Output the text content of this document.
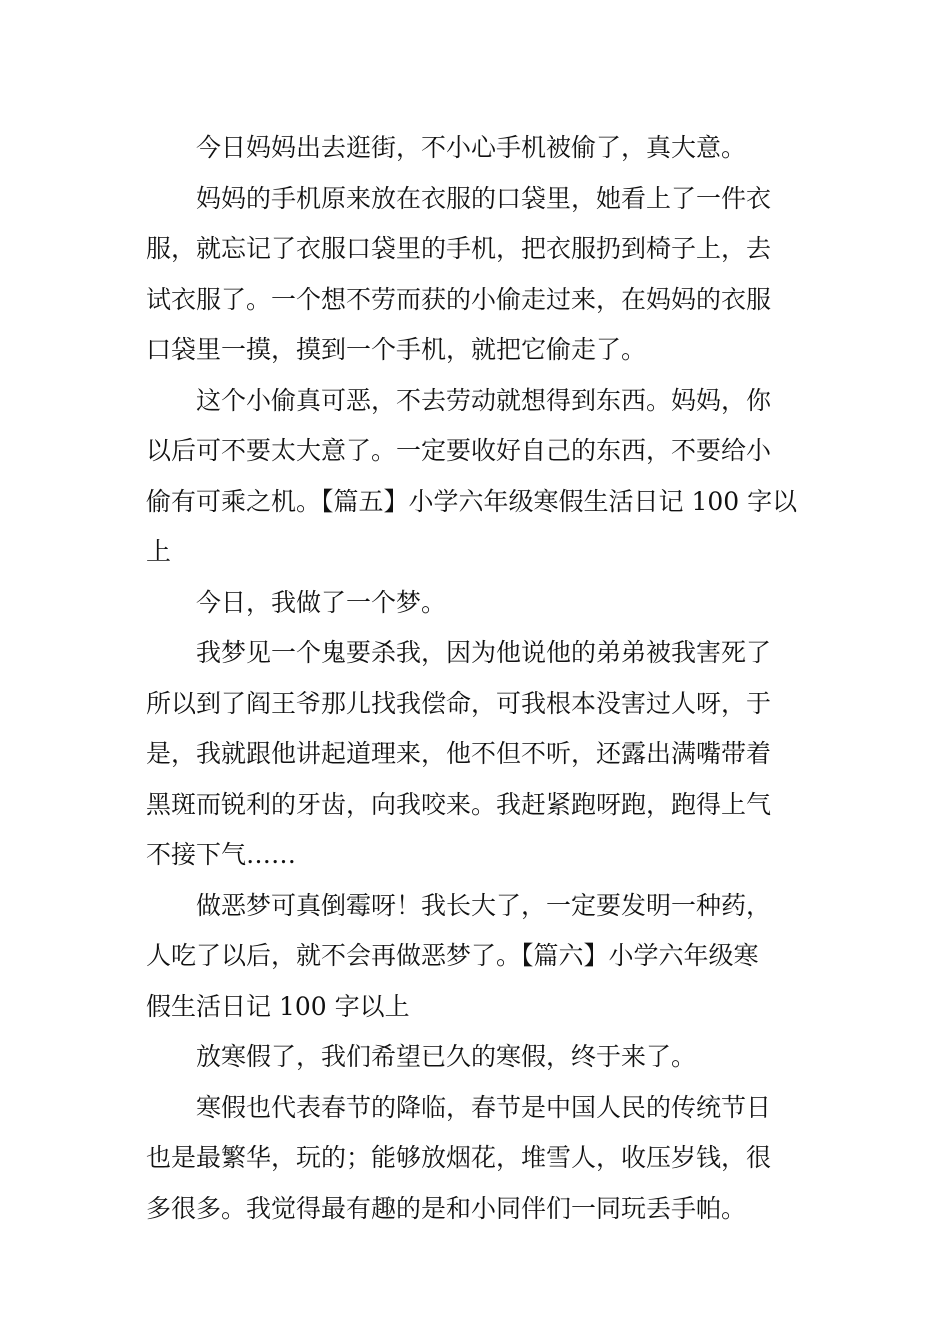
今日妈妈出去逛街，不小心手机被偷了，真大意。

妈妈的手机原来放在衣服的口袋里，她看上了一件衣
服，就忘记了衣服口袋里的手机，把衣服扔到椅子上，去
试衣服了。一个想不劳而获的小偷走过来，在妈妈的衣服
口袋里一摸，摸到一个手机，就把它偷走了。

这个小偷真可恶，不去劳动就想得到东西。妈妈，你
以后可不要太大意了。一定要收好自己的东西，不要给小
偷有可乘之机。【篇五】小学六年级寒假生活日记 100 字以
上

今日，我做了一个梦。

我梦见一个鬼要杀我，因为他说他的弟弟被我害死了
所以到了阎王爷那儿找我偿命，可我根本没害过人呀，于
是，我就跟他讲起道理来，他不但不听，还露出满嘴带着
黑斑而锐利的牙齿，向我咬来。我赶紧跑呀跑，跑得上气
不接下气……

做恶梦可真倒霉呀！我长大了，一定要发明一种药，
人吃了以后，就不会再做恶梦了。【篇六】小学六年级寒
假生活日记 100 字以上

放寒假了，我们希望已久的寒假，终于来了。

寒假也代表春节的降临，春节是中国人民的传统节日
也是最繁华，玩的；能够放烟花，堆雪人，收压岁钱，很
多很多。我觉得最有趣的是和小同伴们一同玩丢手帕。
